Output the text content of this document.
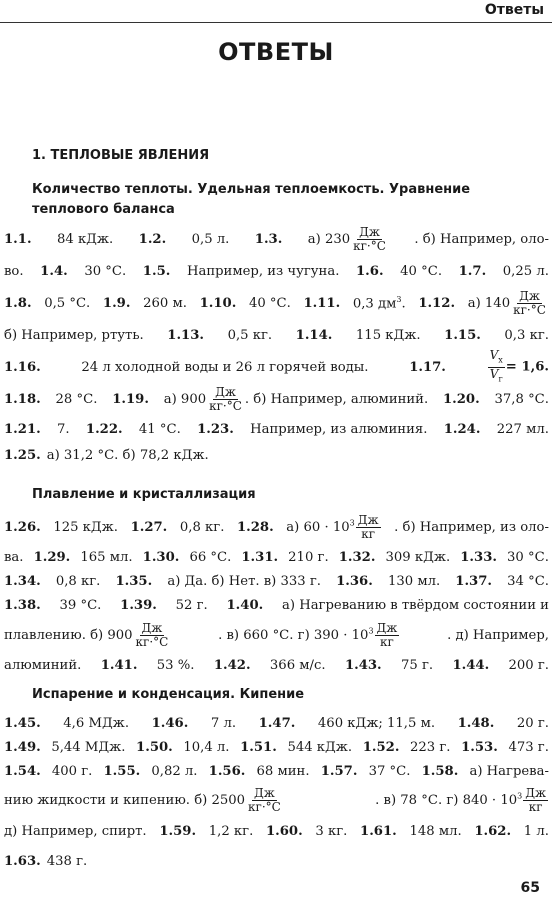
Ответы
ОТВЕТЫ
1. ТЕПЛОВЫЕ ЯВЛЕНИЯ
Количество теплоты. Удельная теплоемкость. Уравнение теплового баланса
1.1. 84 кДж. 1.2. 0,5 л. 1.3. а) 230 Дж
кг·°С . б) Например, оло-
во. 1.4. 30 °С. 1.5. Например, из чугуна. 1.6. 40 °С. 1.7. 0,25 л.
1.8. 0,5 °С. 1.9. 260 м. 1.10. 40 °С. 1.11. 0,3 $дм^3$. 1.12. а) 140 Дж
кг·°С
б) Например, ртуть. 1.13. 0,5 кг. 1.14. 115 кДж. 1.15. 0,3 кг.
1.16.	24 л холодной воды и 26 л горячей воды.	1.17.
$V_х$
$V_г$
= 1,6.
1.18. 28 °С. 1.19. а) 900 Дж
кг·°С . б) Например, алюминий. 1.20. 37,8 °С.
1.21. 7. 1.22. 41 °С. 1.23. Например, из алюминия. 1.24. 227 мл.
1.25. а) 31,2 °С. б) 78,2 кДж.
Плавление и кристаллизация
1.26. 125 кДж. 1.27. 0,8 кг. 1.28. а) $60 \cdot 10^3$ Дж
кг . б) Например, из оло-
ва. 1.29. 165 мл. 1.30. 66 °С. 1.31. 210 г. 1.32. 309 кДж. 1.33. 30 °С.
1.34. 0,8 кг. 1.35. а) Да. б) Нет. в) 333 г. 1.36. 130 мл. 1.37. 34 °С.
1.38. 39 °С. 1.39. 52 г. 1.40. а) Нагреванию в твёрдом состоянии и
плавлению. б) 900 Дж
кг·°С	. в) 660 °С. г) $390 \cdot 10^3$ Дж
кг	. д) Например,
алюминий. 1.41. 53 %. 1.42. 366 м/с. 1.43. 75 г. 1.44. 200 г.
Испарение и конденсация. Кипение
1.45. 4,6 МДж. 1.46. 7 л. 1.47. 460 кДж; 11,5 м. 1.48. 20 г.
1.49. 5,44 МДж. 1.50. 10,4 л. 1.51. 544 кДж. 1.52. 223 г. 1.53. 473 г.
1.54. 400 г. 1.55. 0,82 л. 1.56. 68 мин. 1.57. 37 °С. 1.58. а) Нагрева-
нию жидкости и кипению. б) 2500 Дж
кг·°С	. в) 78 °С. г) $840 \cdot 10^3$ Дж
кг
д) Например, спирт. 1.59. 1,2 кг. 1.60. 3 кг. 1.61. 148 мл. 1.62. 1 л.
1.63. 438 г.
65
